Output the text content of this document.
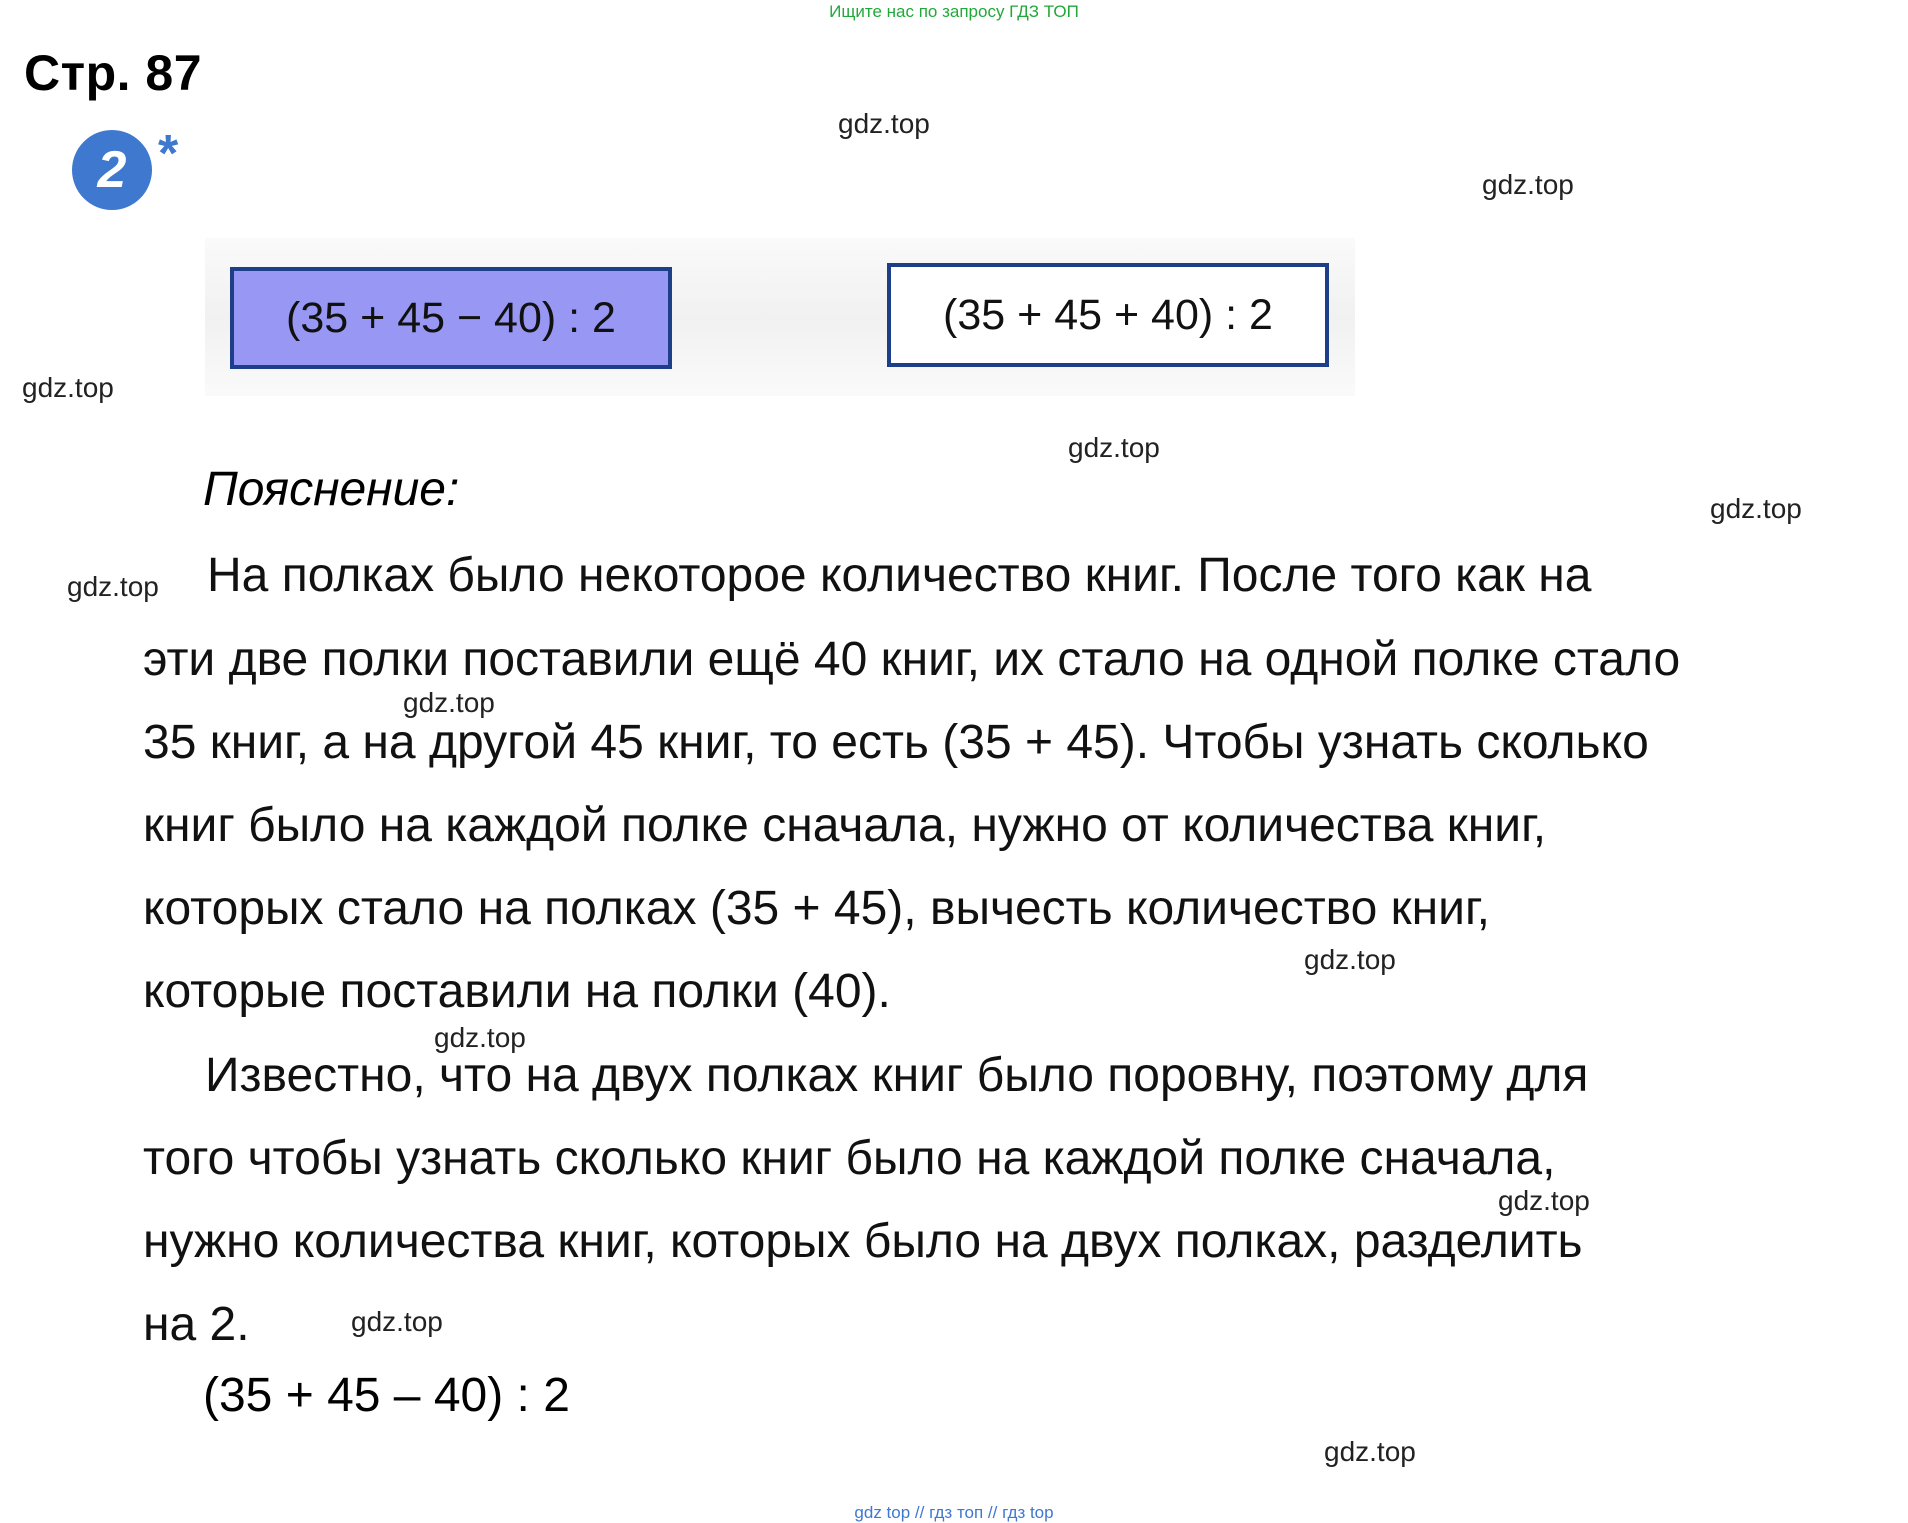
Ищите нас по запросу ГДЗ ТОП
Стр. 87
2 *
(35 + 45 − 40) : 2	(35 + 45 + 40) : 2
gdz.top
gdz.top
gdz.top
gdz.top
gdz.top
gdz.top
gdz.top
gdz.top
gdz.top
gdz.top
gdz.top
gdz.top
Пояснение:
На полках было некоторое количество книг. После того как на
эти две полки поставили ещё 40 книг, их стало на одной полке стало
35 книг, а на другой 45 книг, то есть (35 + 45). Чтобы узнать сколько
книг было на каждой полке сначала, нужно от количества книг,
которых стало на полках (35 + 45), вычесть количество книг,
которые поставили на полки (40).
Известно, что на двух полках книг было поровну, поэтому для
того чтобы узнать сколько книг было на каждой полке сначала,
нужно количества книг, которых было на двух полках, разделить
на 2.
(35 + 45 – 40) : 2
gdz top // гдз топ // гдз top
